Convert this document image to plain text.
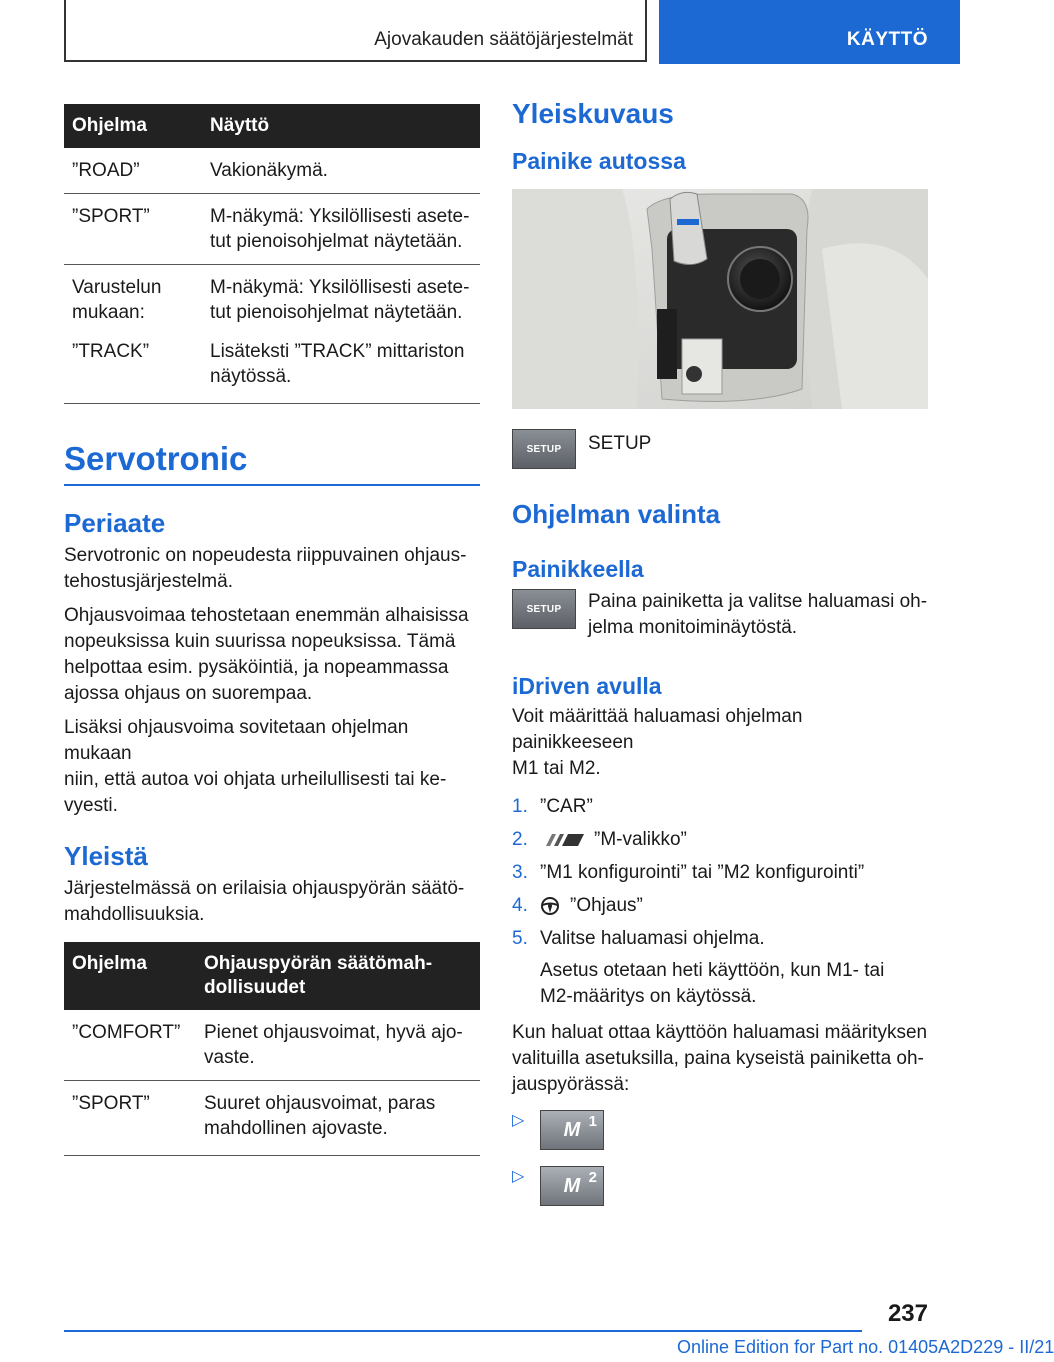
Ajovakauden säätöjärjestelmät	KÄYTTÖ
Ohjelma	Näyttö
”ROAD”	Vakionäkymä.
”SPORT”	M-näkymä: Yksilöllisesti asete-
tut pienoisohjelmat näytetään.
Varustelun
mukaan:	M-näkymä: Yksilöllisesti asete-
tut pienoisohjelmat näytetään.
”TRACK”	Lisäteksti ”TRACK” mittariston
näytössä.
Servotronic
Periaate

Servotronic on nopeudesta riippuvainen ohjaus-
tehostusjärjestelmä.

Ohjausvoimaa tehostetaan enemmän alhaisissa
nopeuksissa kuin suurissa nopeuksissa. Tämä
helpottaa esim. pysäköintiä, ja nopeammassa
ajossa ohjaus on suorempaa.

Lisäksi ohjausvoima sovitetaan ohjelman mukaan
niin, että autoa voi ohjata urheilullisesti tai ke-
vyesti.

Yleistä

Järjestelmässä on erilaisia ohjauspyörän säätö-
mahdollisuuksia.

Ohjelma	Ohjauspyörän säätömah-
dollisuudet
”COMFORT”	Pienet ohjausvoimat, hyvä ajo-
vaste.
”SPORT”	Suuret ohjausvoimat, paras
mahdollinen ajovaste.
Yleiskuvaus
Painike autossa
SETUP	SETUP
Ohjelman valinta
Painikkeella
SETUP	Paina painiketta ja valitse haluamasi oh-
jelma monitoiminäytöstä.
iDriven avulla

Voit määrittää haluamasi ohjelman painikkeeseen
M1 tai M2.

1. ”CAR”
2.	”M-valikko”
3. ”M1 konfigurointi” tai ”M2 konfigurointi”
4. ”Ohjaus”
5. Valitse haluamasi ohjelma.
Asetus otetaan heti käyttöön, kun M1- tai
M2-määritys on käytössä.

Kun haluat ottaa käyttöön haluamasi määrityksen
valituilla asetuksilla, paina kyseistä painiketta oh-
jauspyörässä:

▷	M $^1$
▷	M $^2$
237
Online Edition for Part no. 01405A2D229 - II/21
